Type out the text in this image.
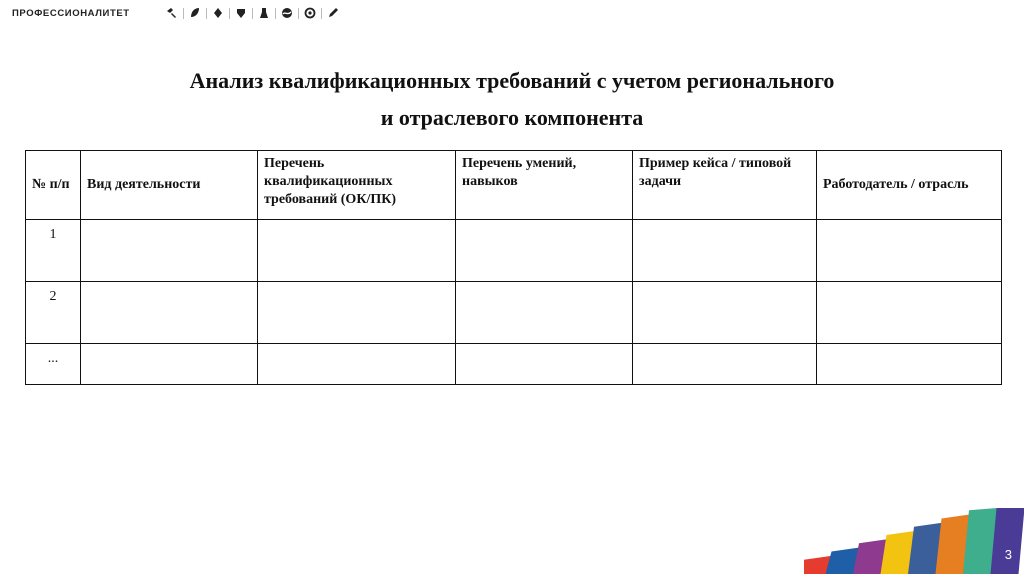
ПРОФЕССИОНАЛИТЕТ
Анализ квалификационных требований с учетом регионального
и отраслевого компонента
№ п/п	Вид деятельности	Перечень квалификационных требований (ОК/ПК)	Перечень умений, навыков	Пример кейса / типовой задачи	Работодатель / отрасль
1					
2					
...					
3
